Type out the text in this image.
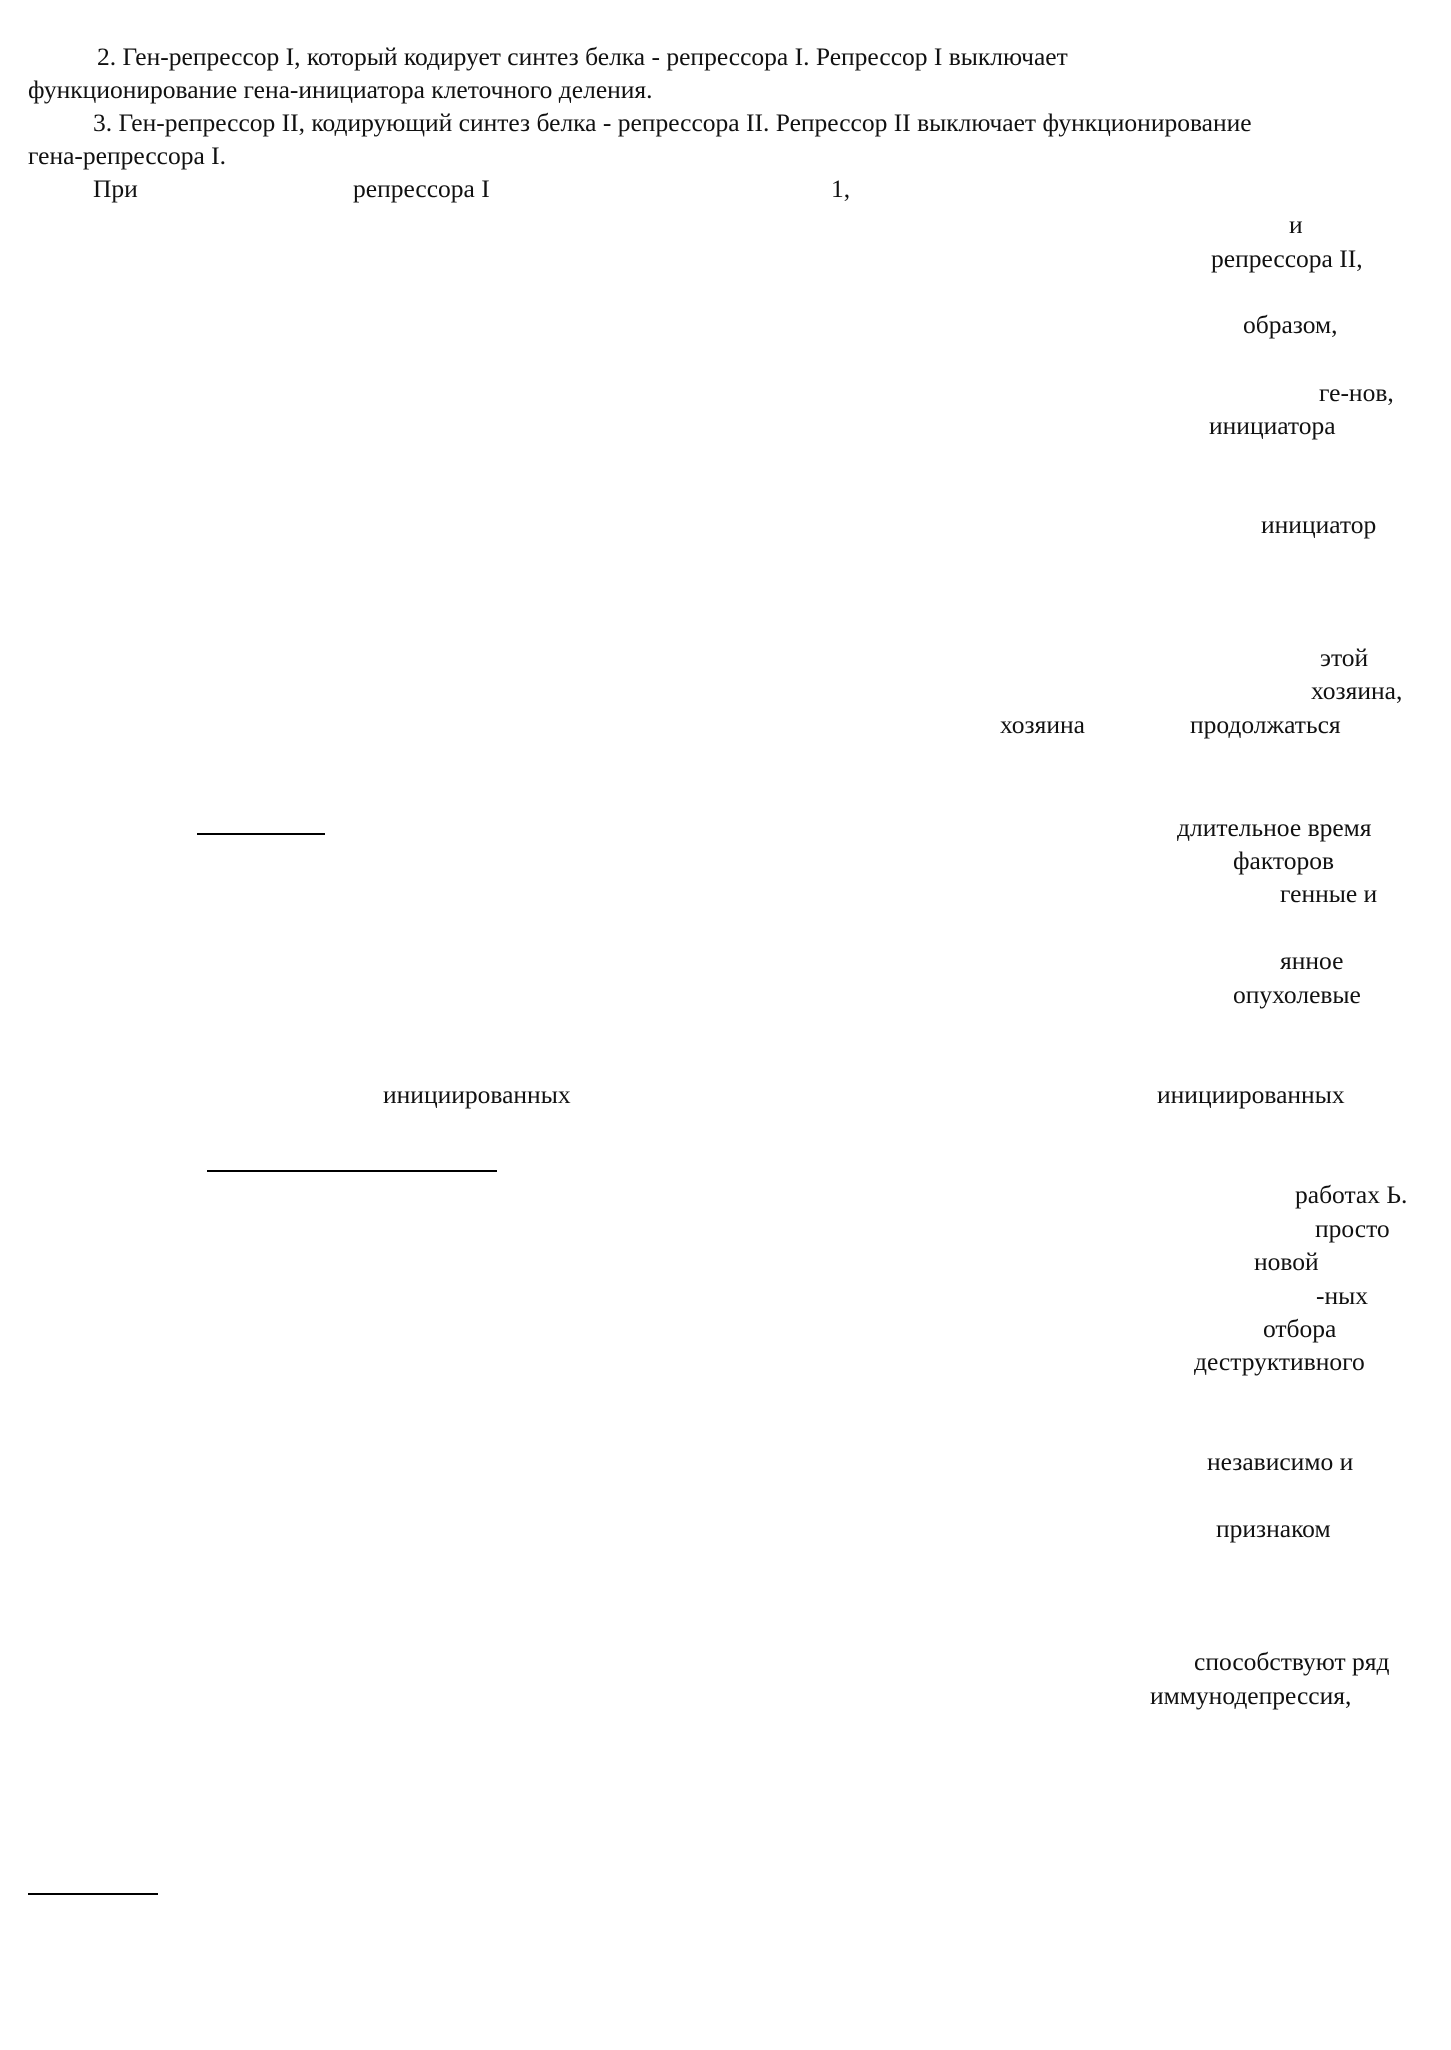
2. Ген-репрессор I, который кодирует синтез белка - репрессора I. Репрессор I выключает
функционирование гена-инициатора клеточного деления.
3. Ген-репрессор II, кодирующий синтез белка - репрессора II. Репрессор II выключает функционирование
гена-репрессора I.
При	репрессора I	1,
и
репрессора II,
образом,
ге-нов,
инициатора
инициатор
этой
хозяина,
хозяина	продолжаться
длительное время
факторов
генные и
янное
опухолевые
инициированных	инициированных
работах Ь.
просто
новой
-ных
отбора
деструктивного
независимо и
признаком
способствуют ряд
иммунодепрессия,
